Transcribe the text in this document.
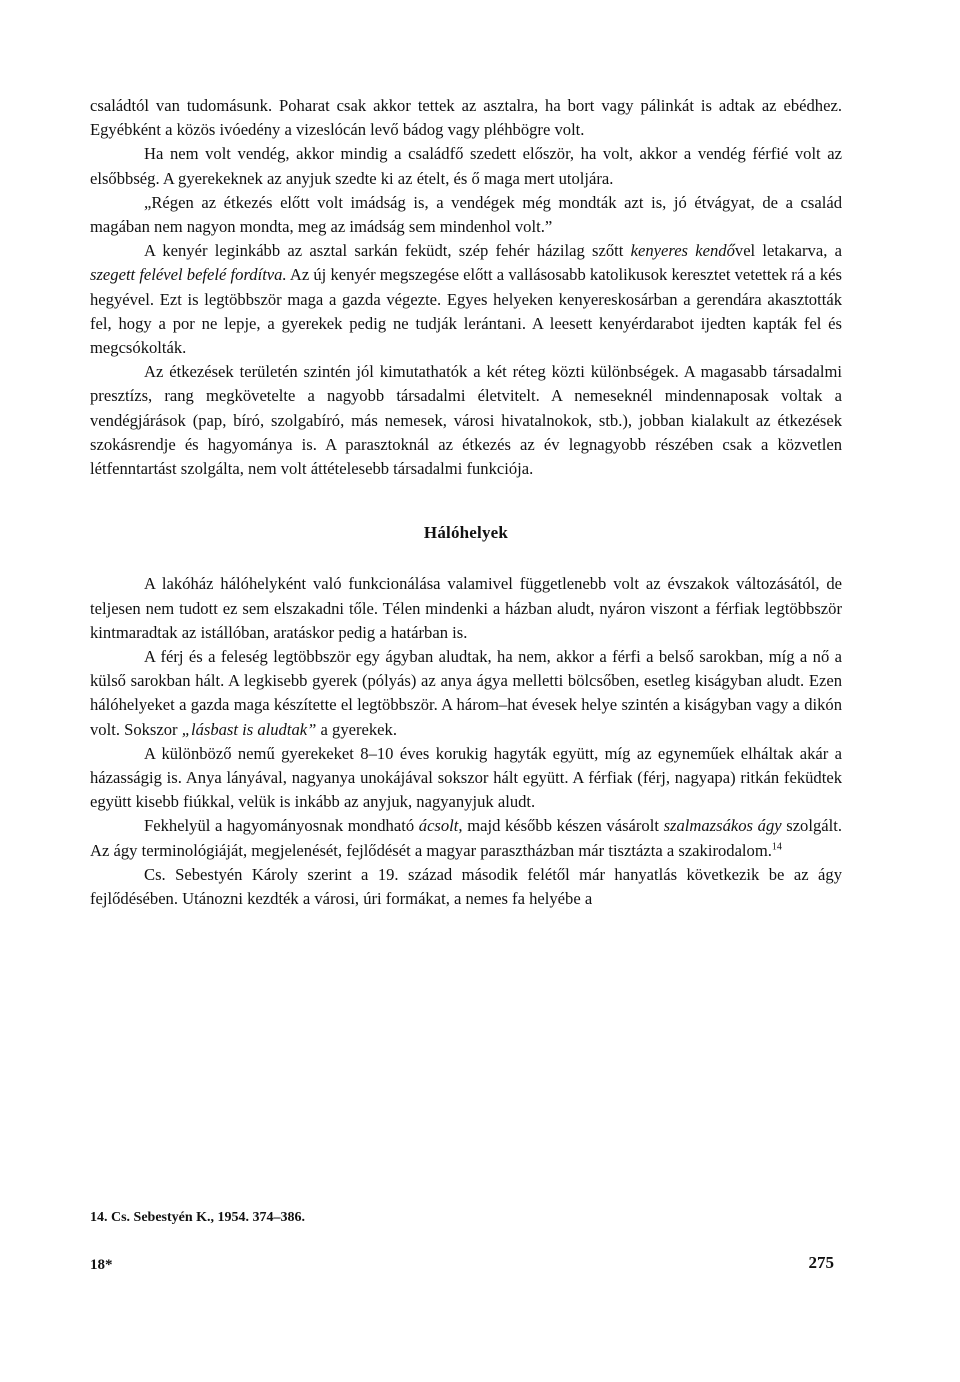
családtól van tudomásunk. Poharat csak akkor tettek az asztalra, ha bort vagy pálinkát is adtak az ebédhez. Egyébként a közös ivóedény a vizeslócán levő bádog vagy pléhbögre volt.

Ha nem volt vendég, akkor mindig a családfő szedett először, ha volt, akkor a vendég férfié volt az elsőbbség. A gyerekeknek az anyjuk szedte ki az ételt, és ő maga mert utoljára.

„Régen az étkezés előtt volt imádság is, a vendégek még mondták azt is, jó étvágyat, de a család magában nem nagyon mondta, meg az imádság sem mindenhol volt.”

A kenyér leginkább az asztal sarkán feküdt, szép fehér házilag szőtt kenyeres kendővel letakarva, a szegett felével befelé fordítva. Az új kenyér megszegése előtt a vallásosabb katolikusok keresztet vetettek rá a kés hegyével. Ezt is legtöbbször maga a gazda végezte. Egyes helyeken kenyereskosárban a gerendára akasztották fel, hogy a por ne lepje, a gyerekek pedig ne tudják lerántani. A leesett kenyérdarabot ijedten kapták fel és megcsókolták.

Az étkezések területén szintén jól kimutathatók a két réteg közti különbségek. A magasabb társadalmi presztízs, rang megkövetelte a nagyobb társadalmi életvitelt. A nemeseknél mindennaposak voltak a vendégjárások (pap, bíró, szolgabíró, más nemesek, városi hivatalnokok, stb.), jobban kialakult az étkezések szokásrendje és hagyománya is. A parasztoknál az étkezés az év legnagyobb részében csak a közvetlen létfenntartást szolgálta, nem volt áttételesebb társadalmi funkciója.

Hálóhelyek

A lakóház hálóhelyként való funkcionálása valamivel függetlenebb volt az évszakok változásától, de teljesen nem tudott ez sem elszakadni tőle. Télen mindenki a házban aludt, nyáron viszont a férfiak legtöbbször kintmaradtak az istállóban, aratáskor pedig a határban is.

A férj és a feleség legtöbbször egy ágyban aludtak, ha nem, akkor a férfi a belső sarokban, míg a nő a külső sarokban hált. A legkisebb gyerek (pólyás) az anya ágya melletti bölcsőben, esetleg kiságyban aludt. Ezen hálóhelyeket a gazda maga készítette el legtöbbször. A három–hat évesek helye szintén a kiságyban vagy a dikón volt. Sokszor „lásbast is aludtak” a gyerekek.

A különböző nemű gyerekeket 8–10 éves korukig hagyták együtt, míg az egyneműek elháltak akár a házasságig is. Anya lányával, nagyanya unokájával sokszor hált együtt. A férfiak (férj, nagyapa) ritkán feküdtek együtt kisebb fiúkkal, velük is inkább az anyjuk, nagyanyjuk aludt.

Fekhelyül a hagyományosnak mondható ácsolt, majd később készen vásárolt szalmazsákos ágy szolgált. Az ágy terminológiáját, megjelenését, fejlődését a magyar parasztházban már tisztázta a szakirodalom.$^{14}$

Cs. Sebestyén Károly szerint a 19. század második felétől már hanyatlás következik be az ágy fejlődésében. Utánozni kezdték a városi, úri formákat, a nemes fa helyébe a

14. Cs. Sebestyén K., 1954. 374–386.
18*	275
